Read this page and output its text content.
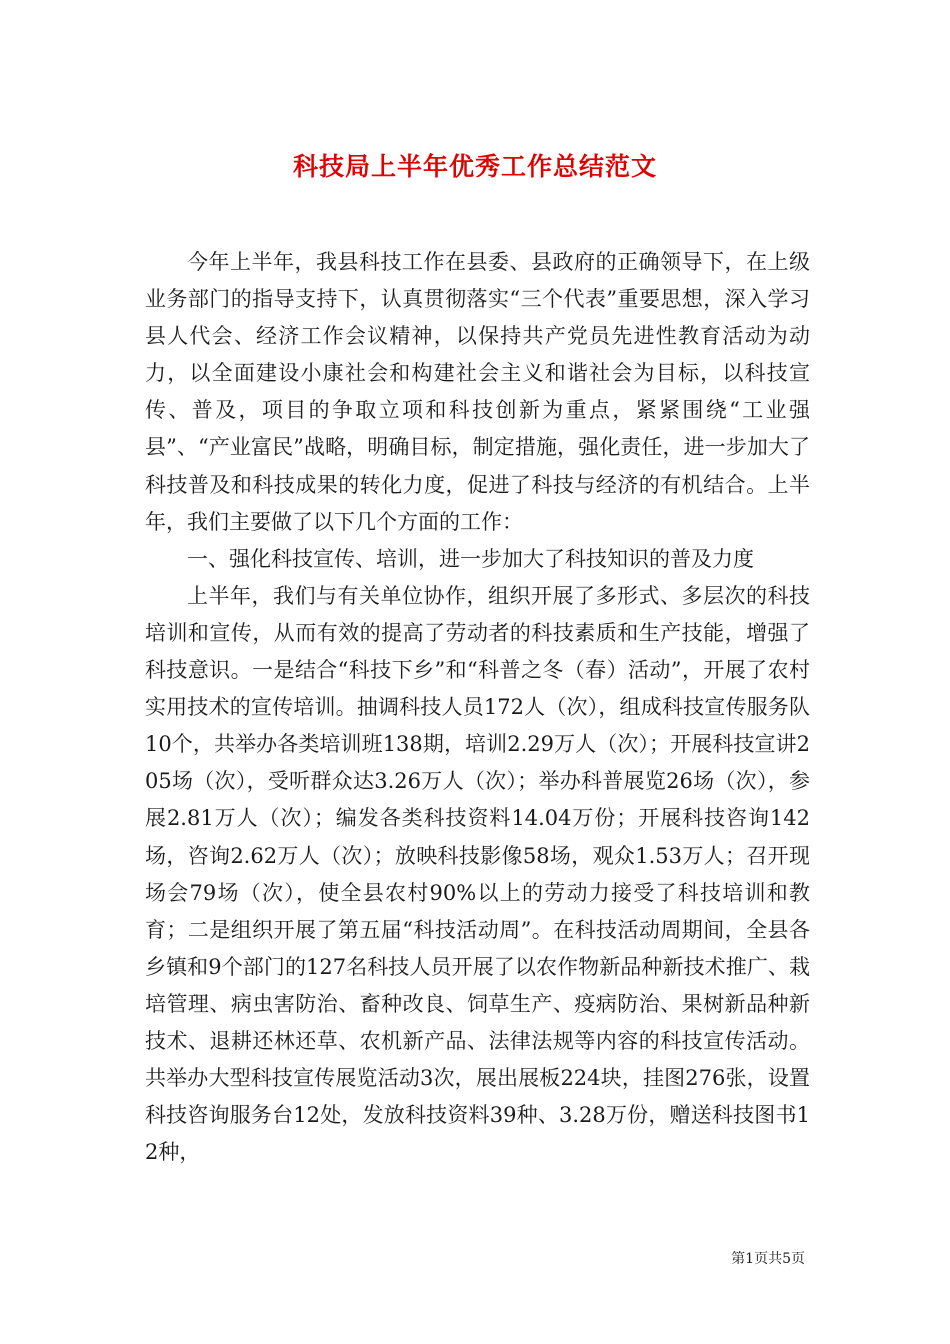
科技局上半年优秀工作总结范文

今年上半年，我县科技工作在县委、县政府的正确领导下，在上级业务部门的指导支持下，认真贯彻落实“三个代表”重要思想，深入学习县人代会、经济工作会议精神，以保持共产党员先进性教育活动为动力，以全面建设小康社会和构建社会主义和谐社会为目标，以科技宣传、普及，项目的争取立项和科技创新为重点，紧紧围绕“工业强县”、“产业富民”战略，明确目标，制定措施，强化责任，进一步加大了科技普及和科技成果的转化力度，促进了科技与经济的有机结合。上半年，我们主要做了以下几个方面的工作：

一、强化科技宣传、培训，进一步加大了科技知识的普及力度

上半年，我们与有关单位协作，组织开展了多形式、多层次的科技培训和宣传，从而有效的提高了劳动者的科技素质和生产技能，增强了科技意识。一是结合“科技下乡”和“科普之冬（春）活动”，开展了农村实用技术的宣传培训。抽调科技人员172人（次），组成科技宣传服务队10个，共举办各类培训班138期，培训2.29万人（次）；开展科技宣讲205场（次），受听群众达3.26万人（次）；举办科普展览26场（次），参展2.81万人（次）；编发各类科技资料14.04万份；开展科技咨询142场，咨询2.62万人（次）；放映科技影像58场，观众1.53万人；召开现场会79场（次），使全县农村90%以上的劳动力接受了科技培训和教育；二是组织开展了第五届“科技活动周”。在科技活动周期间，全县各乡镇和9个部门的127名科技人员开展了以农作物新品种新技术推广、栽培管理、病虫害防治、畜种改良、饲草生产、疫病防治、果树新品种新技术、退耕还林还草、农机新产品、法律法规等内容的科技宣传活动。共举办大型科技宣传展览活动3次，展出展板224块，挂图276张，设置科技咨询服务台12处，发放科技资料39种、3.28万份，赠送科技图书12种，

第1页共5页
